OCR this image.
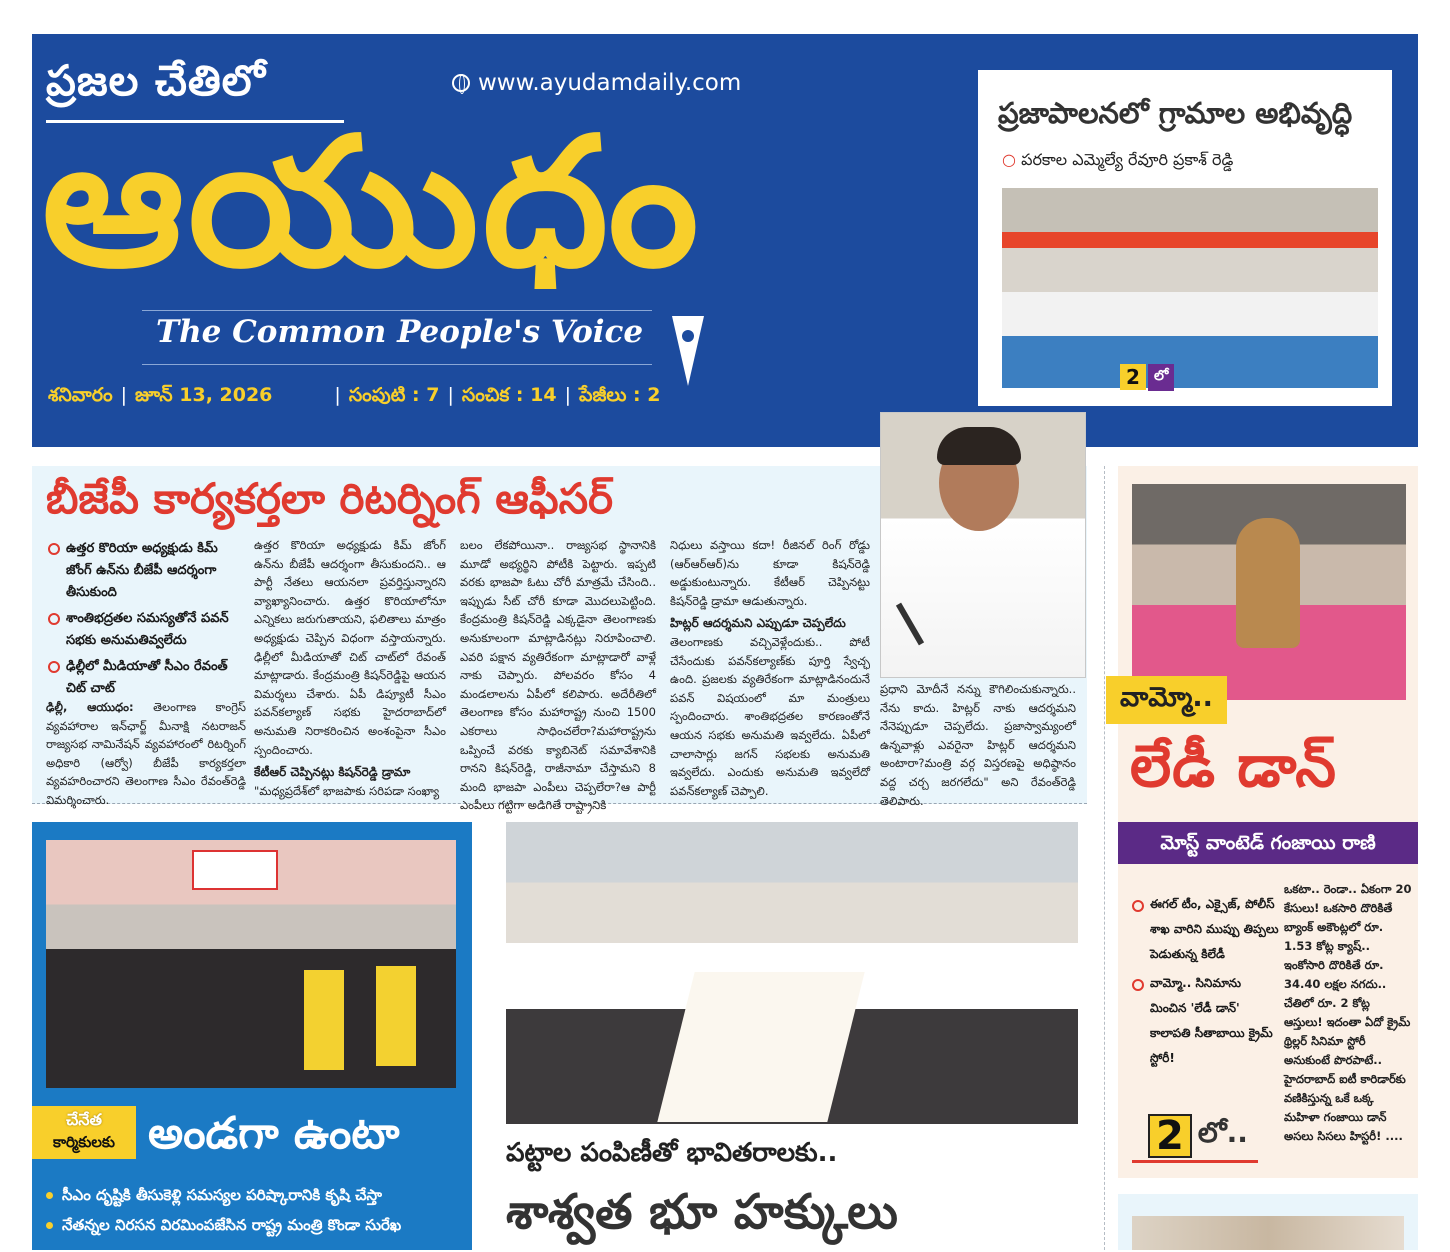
ప్రజల చేతిలో	www.ayudamdaily.com
ఆయుధం
The Common People's Voice
శనివారం | జూన్ 13, 2026	| సంపుటి : 7 | సంచిక : 14 | పేజీలు : 2
ప్రజాపాలనలో గ్రామాల అభివృద్ధి
○ పరకాల ఎమ్మెల్యే రేవూరి ప్రకాశ్ రెడ్డి
2	లో
బీజేపీ కార్యకర్తలా రిటర్నింగ్ ఆఫీసర్
ఉత్తర కొరియా అధ్యక్షుడు కిమ్ జోంగ్ ఉన్‌ను బీజేపీ ఆదర్శంగా తీసుకుంది
శాంతిభద్రతల సమస్యతోనే పవన్ సభకు అనుమతివ్వలేదు
ఢిల్లీలో మీడియాతో సీఎం రేవంత్ చిట్ చాట్
ఢిల్లీ, ఆయుధం: తెలంగాణ కాంగ్రెస్ వ్యవహారాల ఇన్‌ఛార్జ్ మీనాక్షి నటరాజన్ రాజ్యసభ నామినేషన్ వ్యవహారంలో రిటర్నింగ్ అధికారి (ఆర్వో) బీజేపీ కార్యకర్తలా వ్యవహరించారని తెలంగాణ సీఎం రేవంత్‌రెడ్డి విమర్శించారు.
ఉత్తర కొరియా అధ్యక్షుడు కిమ్ జోంగ్ ఉన్‌ను బీజేపీ ఆదర్శంగా తీసుకుందని.. ఆ పార్టీ నేతలు ఆయనలా ప్రవర్తిస్తున్నారని వ్యాఖ్యానించారు. ఉత్తర కొరియాలోనూ ఎన్నికలు జరుగుతాయని, ఫలితాలు మాత్రం అధ్యక్షుడు చెప్పిన విధంగా వస్తాయన్నారు. ఢిల్లీలో మీడియాతో చిట్ చాట్‌లో రేవంత్ మాట్లాడారు. కేంద్రమంత్రి కిషన్‌రెడ్డిపై ఆయన విమర్శలు చేశారు. ఏపీ డిప్యూటీ సీఎం పవన్‌కల్యాణ్ సభకు హైదరాబాద్‌లో అనుమతి నిరాకరించిన అంశంపైనా సీఎం స్పందించారు.
కేటీఆర్ చెప్పినట్లు కిషన్‌రెడ్డి డ్రామా
"మధ్యప్రదేశ్‌లో భాజపాకు సరిపడా సంఖ్యా
బలం లేకపోయినా.. రాజ్యసభ స్థానానికి మూడో అభ్యర్థిని పోటీకి పెట్టారు. ఇప్పటి వరకు భాజపా ఓటు చోరీ మాత్రమే చేసింది.. ఇప్పుడు సీట్ చోరీ కూడా మొదలుపెట్టింది. కేంద్రమంత్రి కిషన్‌రెడ్డి ఎక్కడైనా తెలంగాణకు అనుకూలంగా మాట్లాడినట్లు నిరూపించాలి. ఎవరి పక్షాన వ్యతిరేకంగా మాట్లాడారో వాళ్లే నాకు చెప్పారు. పోలవరం కోసం 4 మండలాలను ఏపీలో కలిపారు. అదేరీతిలో తెలంగాణ కోసం మహారాష్ట్ర నుంచి 1500 ఎకరాలు సాధించలేరా?మహారాష్ట్రను ఒప్పించే వరకు క్యాబినెట్ సమావేశానికి రానని కిషన్‌రెడ్డి, రాజీనామా చేస్తామని 8 మంది భాజపా ఎంపీలు చెప్పలేరా?ఆ పార్టీ ఎంపీలు గట్టిగా అడిగితే రాష్ట్రానికి
నిధులు వస్తాయి కదా! రీజినల్ రింగ్ రోడ్డు (ఆర్ఆర్ఆర్)ను కూడా కిషన్‌రెడ్డి అడ్డుకుంటున్నారు. కేటీఆర్ చెప్పినట్టు కిషన్‌రెడ్డి డ్రామా ఆడుతున్నారు.
హిట్లర్ ఆదర్శమని ఎప్పుడూ చెప్పలేదు
తెలంగాణకు వచ్చివెళ్లేందుకు.. పోటీ చేసేందుకు పవన్‌కల్యాణ్‌కు పూర్తి స్వేచ్ఛ ఉంది. ప్రజలకు వ్యతిరేకంగా మాట్లాడినందునే పవన్ విషయంలో మా మంత్రులు స్పందించారు. శాంతిభద్రతల కారణంతోనే ఆయన సభకు అనుమతి ఇవ్వలేదు. ఏపీలో చాలాసార్లు జగన్ సభలకు అనుమతి ఇవ్వలేదు. ఎందుకు అనుమతి ఇవ్వలేదో పవన్‌కల్యాణ్ చెప్పాలి.
ప్రధాని మోదీనే నన్ను కౌగిలించుకున్నారు.. నేను కాదు. హిట్లర్ నాకు ఆదర్శమని నేనెప్పుడూ చెప్పలేదు. ప్రజాస్వామ్యంలో ఉన్నవాళ్లు ఎవరైనా హిట్లర్ ఆదర్శమని అంటారా?మంత్రి వర్గ విస్తరణపై అధిష్ఠానం వద్ద చర్చ జరగలేదు" అని రేవంత్‌రెడ్డి తెలిపారు.
వామ్మో..
లేడీ డాన్
మోస్ట్ వాంటెడ్ గంజాయి రాణి
ఈగల్ టీం, ఎక్సైజ్, పోలీస్ శాఖ వారిని ముప్పు తిప్పలు పెడుతున్న కిలేడీ
వామ్మో.. సినిమాను మించిన 'లేడీ డాన్' కాలాపతి సీతాబాయి క్రైమ్ స్టోరీ!
ఒకటా.. రెండా.. ఏకంగా 20 కేసులు! ఒకసారి దొరికితే బ్యాంక్ అకౌంట్లలో రూ. 1.53 కోట్ల క్యాష్.. ఇంకోసారి దొరికితే రూ. 34.40 లక్షల నగదు.. చేతిలో రూ. 2 కోట్ల ఆస్తులు! ఇదంతా ఏదో క్రైమ్ థ్రిల్లర్ సినిమా స్టోరీ అనుకుంటే పొరపాటే.. హైదరాబాద్ ఐటీ కారిడార్‌కు వణికిస్తున్న ఒకే ఒక్క మహిళా గంజాయి డాన్ అసలు సిసలు హిస్టరీ! ....
2 లో..
చేనేత
కార్మికులకు అండగా ఉంటా
సీఎం దృష్టికి తీసుకెళ్లి సమస్యల పరిష్కారానికి కృషి చేస్తా
నేతన్నల నిరసన విరమింపజేసిన రాష్ట్ర మంత్రి కొండా సురేఖ
పట్టాల పంపిణీతో భావితరాలకు..
శాశ్వత భూ హక్కులు
